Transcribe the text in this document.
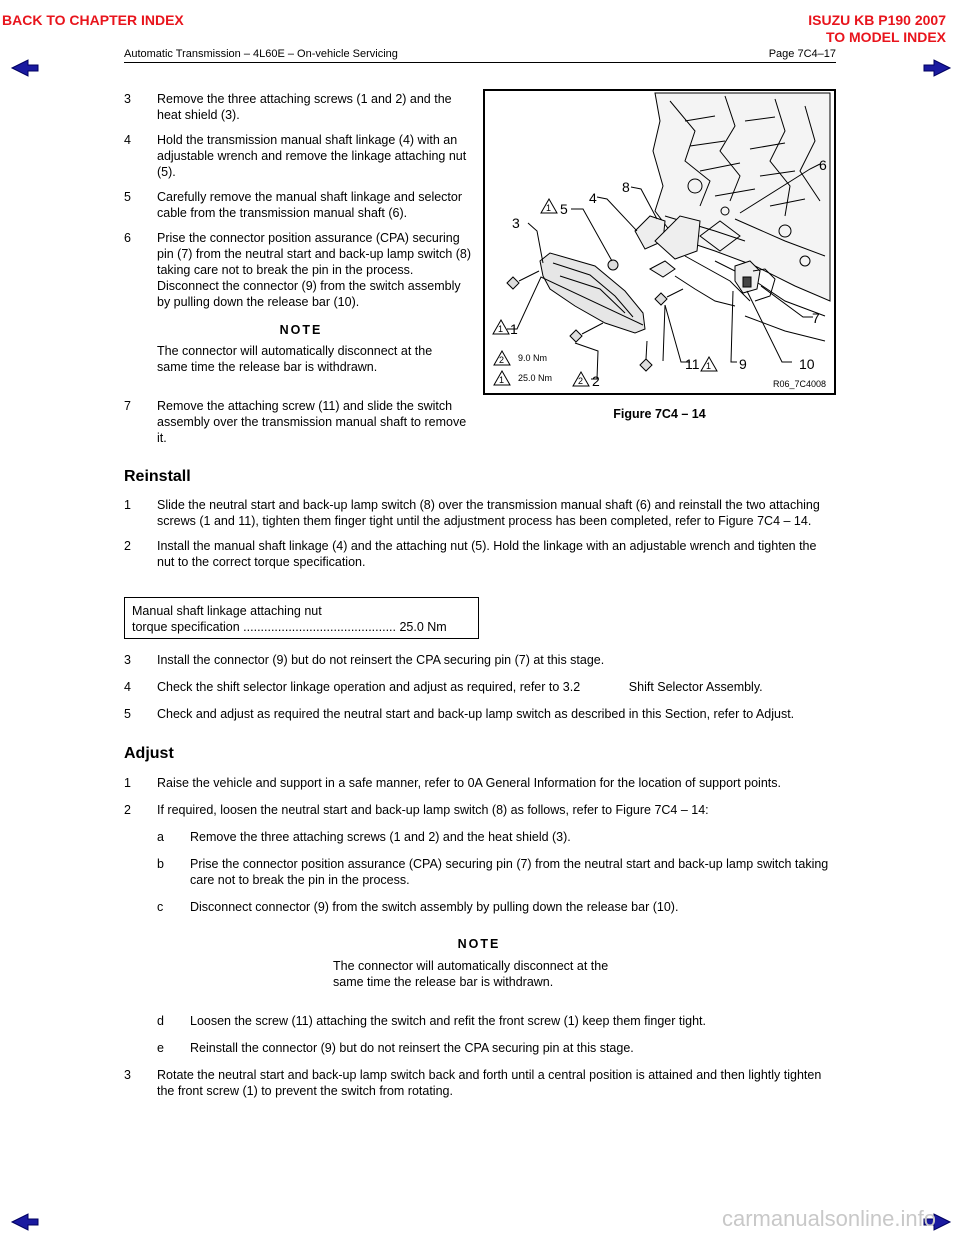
BACK TO CHAPTER INDEX	ISUZU KB P190 2007
TO MODEL INDEX
Automatic Transmission – 4L60E – On-vehicle Servicing	Page 7C4–17
3	Remove the three attaching screws (1 and 2) and the heat shield (3).
4	Hold the transmission manual shaft linkage (4) with an adjustable wrench and remove the linkage attaching nut (5).
5	Carefully remove the manual shaft linkage and selector cable from the transmission manual shaft (6).
6	Prise the connector position assurance (CPA) securing pin (7) from the neutral start and back-up lamp switch (8) taking care not to break the pin in the process. Disconnect the connector (9) from the switch assembly by pulling down the release bar (10).
NOTE
The connector will automatically disconnect at the same time the release bar is withdrawn.
7	Remove the attaching screw (11) and slide the switch assembly over the transmission manual shaft to remove it.
3
5
4
8
6
7
1
11	9	10
2
1
1
1
2
2 9.0 Nm
1 25.0 Nm
R06_7C4008
Figure 7C4 – 14
Reinstall
1	Slide the neutral start and back-up lamp switch (8) over the transmission manual shaft (6) and reinstall the two attaching screws (1 and 11), tighten them finger tight until the adjustment process has been completed, refer to Figure 7C4 – 14.
2	Install the manual shaft linkage (4) and the attaching nut (5). Hold the linkage with an adjustable wrench and tighten the nut to the correct torque specification.
Manual shaft linkage attaching nut
torque specification ............................................ 25.0 Nm
3	Install the connector (9) but do not reinsert the CPA securing pin (7) at this stage.
4	Check the shift selector linkage operation and adjust as required, refer to 3.2              Shift Selector Assembly.
5	Check and adjust as required the neutral start and back-up lamp switch as described in this Section, refer to Adjust.
Adjust
1	Raise the vehicle and support in a safe manner, refer to 0A General Information for the location of support points.
2	If required, loosen the neutral start and back-up lamp switch (8) as follows, refer to Figure 7C4 – 14:
a	Remove the three attaching screws (1 and 2) and the heat shield (3).
b	Prise the connector position assurance (CPA) securing pin (7) from the neutral start and back-up lamp switch taking care not to break the pin in the process.
c	Disconnect connector (9) from the switch assembly by pulling down the release bar (10).
NOTE
The connector will automatically disconnect at the same time the release bar is withdrawn.
d	Loosen the screw (11) attaching the switch and refit the front screw (1) keep them finger tight.
e	Reinstall the connector (9) but do not reinsert the CPA securing pin at this stage.
3	Rotate the neutral start and back-up lamp switch back and forth until a central position is attained and then lightly tighten the front screw (1) to prevent the switch from rotating.
carmanualsonline.info
